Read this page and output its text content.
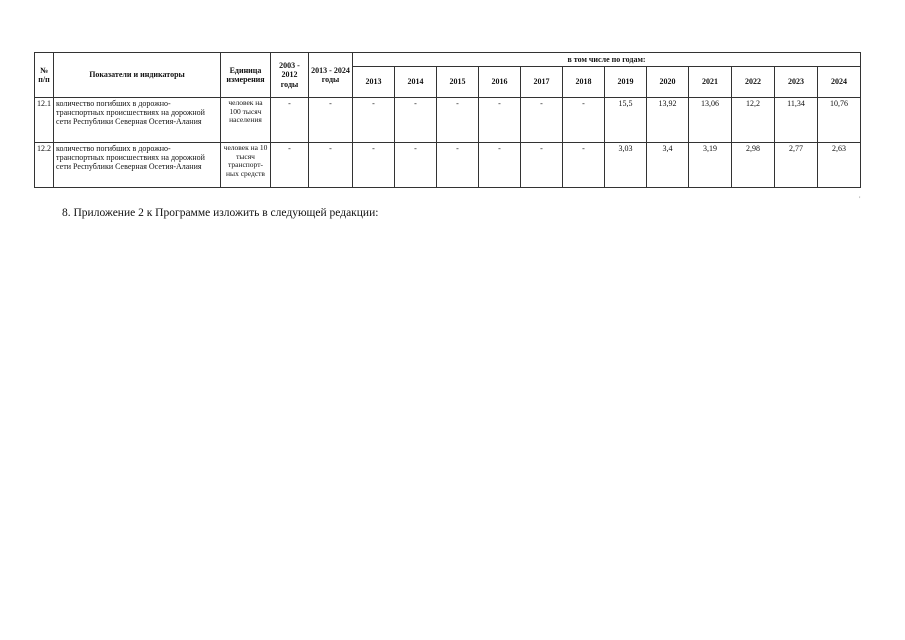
№ п/п	Показатели и индикаторы	Единица измерения	2003 - 2012 годы	2013 - 2024 годы	в том числе по годам:											
					2013	2014	2015	2016	2017	2018	2019	2020	2021	2022	2023	2024
12.1	количество погибших в дорожно-транспортных происшествиях на дорожной сети Республики Северная Осетия-Алания	человек на 100 тысяч населения	-	-	-	-	-	-	-	-	15,5	13,92	13,06	12,2	11,34	10,76
12.2	количество погибших в дорожно-транспортных происшествиях на дорожной сети Республики Северная Осетия-Алания	человек на 10 тысяч транспорт-ных средств	-	-	-	-	-	-	-	-	3,03	3,4	3,19	2,98	2,77	2,63
,
8. Приложение 2 к Программе изложить в следующей редакции:
